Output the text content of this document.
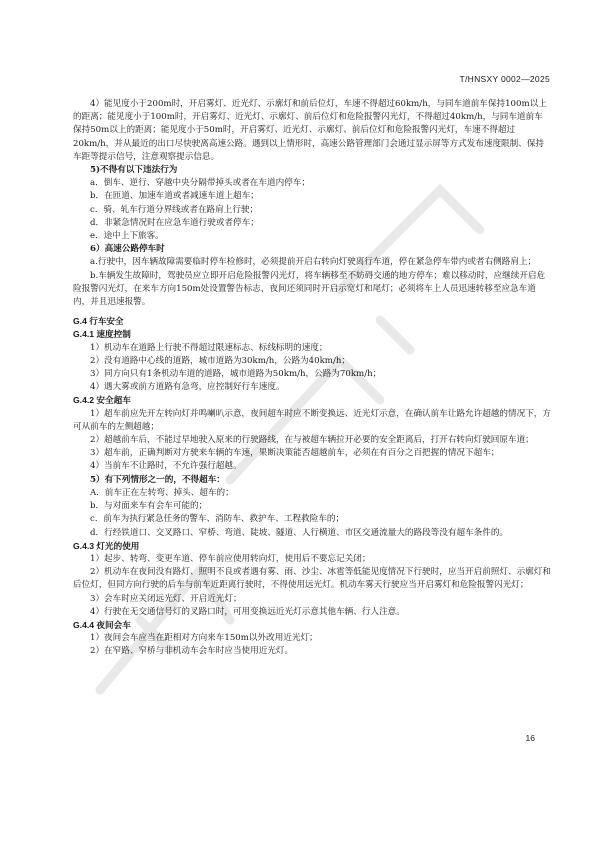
T/HNSXY 0002—2025

4）能见度小于200m时，开启雾灯、近光灯、示廓灯和前后位灯，车速不得超过60km/h，与同车道前车保持100m以上的距离；能见度小于100m时，开启雾灯、近光灯、示廓灯、前后位灯和危险报警闪光灯，不得超过40km/h，与同车道前车保持50m以上的距离；能见度小于50m时，开启雾灯、近光灯、示廓灯、前后位灯和危险报警闪光灯，车速不得超过20km/h，并从最近的出口尽快驶离高速公路。遇到以上情形时，高速公路管理部门会通过显示屏等方式发布速度限制、保持车距等提示信号，注意观察提示信息。

5)不得有以下违法行为

a．倒车、逆行、穿越中央分隔带掉头或者在车道内停车；

b．在匝道、加速车道或者减速车道上超车；

c．骑、轧车行道分界线或者在路肩上行驶；

d．非紧急情况时在应急车道行驶或者停车；

e．途中上下旅客。

6）高速公路停车时

a.行驶中，因车辆故障需要临时停车检修时，必须提前开启右转向灯驶离行车道，停在紧急停车带内或者右侧路肩上；

b.车辆发生故障时，驾驶员应立即开启危险报警闪光灯，将车辆移至不妨碍交通的地方停车；难以移动时，应继续开启危险报警闪光灯，在来车方向150m处设置警告标志，夜间还须同时开启示宽灯和尾灯；必须将车上人员迅速转移至应急车道内，并且迅速报警。

G.4 行车安全

G.4.1 速度控制

1）机动车在道路上行驶不得超过限速标志、标线标明的速度；

2）没有道路中心线的道路，城市道路为30km/h，公路为40km/h；

3）同方向只有1条机动车道的道路，城市道路为50km/h，公路为70km/h；

4）遇大雾或前方道路有急弯，应控制好行车速度。

G.4.2 安全超车

1）超车前应先开左转向灯并鸣喇叭示意，夜间超车时应不断变换远、近光灯示意，在确认前车让路允许超越的情况下，方可从前车的左侧超越；

2）超越前车后，不能过早地驶入原来的行驶路线，在与被超车辆拉开必要的安全距离后，打开右转向灯驶回原车道；

3）超车前，正确判断对方驶来车辆的车速，果断决策能否超越前车，必须在有百分之百把握的情况下超车；

4）当前车不让路时，不允许强行超越。

5）有下列情形之一的，不得超车：

A．前车正在左转弯、掉头、超车的；

b．与对面来车有会车可能的；

c．前车为执行紧急任务的警车、消防车、救护车、工程救险车的；

d．行经铁道口、交叉路口、窄桥、弯道、陡坡、隧道、人行横道、市区交通流量大的路段等没有超车条件的。

G.4.3 灯光的使用

1）起步、转弯、变更车道、停车前应使用转向灯，使用后不要忘记关闭；

2）机动车在夜间没有路灯、照明不良或者遇有雾、雨、沙尘、冰雹等低能见度情况下行驶时，应当开启前照灯、示廓灯和后位灯，但同方向行驶的后车与前车近距离行驶时，不得使用远光灯。机动车雾天行驶应当开启雾灯和危险报警闪光灯；

3）会车时应关闭远光灯、开启近光灯；

4）行驶在无交通信号灯的叉路口时，可用变换远近光灯示意其他车辆、行人注意。

G.4.4 夜间会车

1）夜间会车应当在距相对方向来车150m以外改用近光灯；

2）在窄路、窄桥与非机动车会车时应当使用近光灯。

16
